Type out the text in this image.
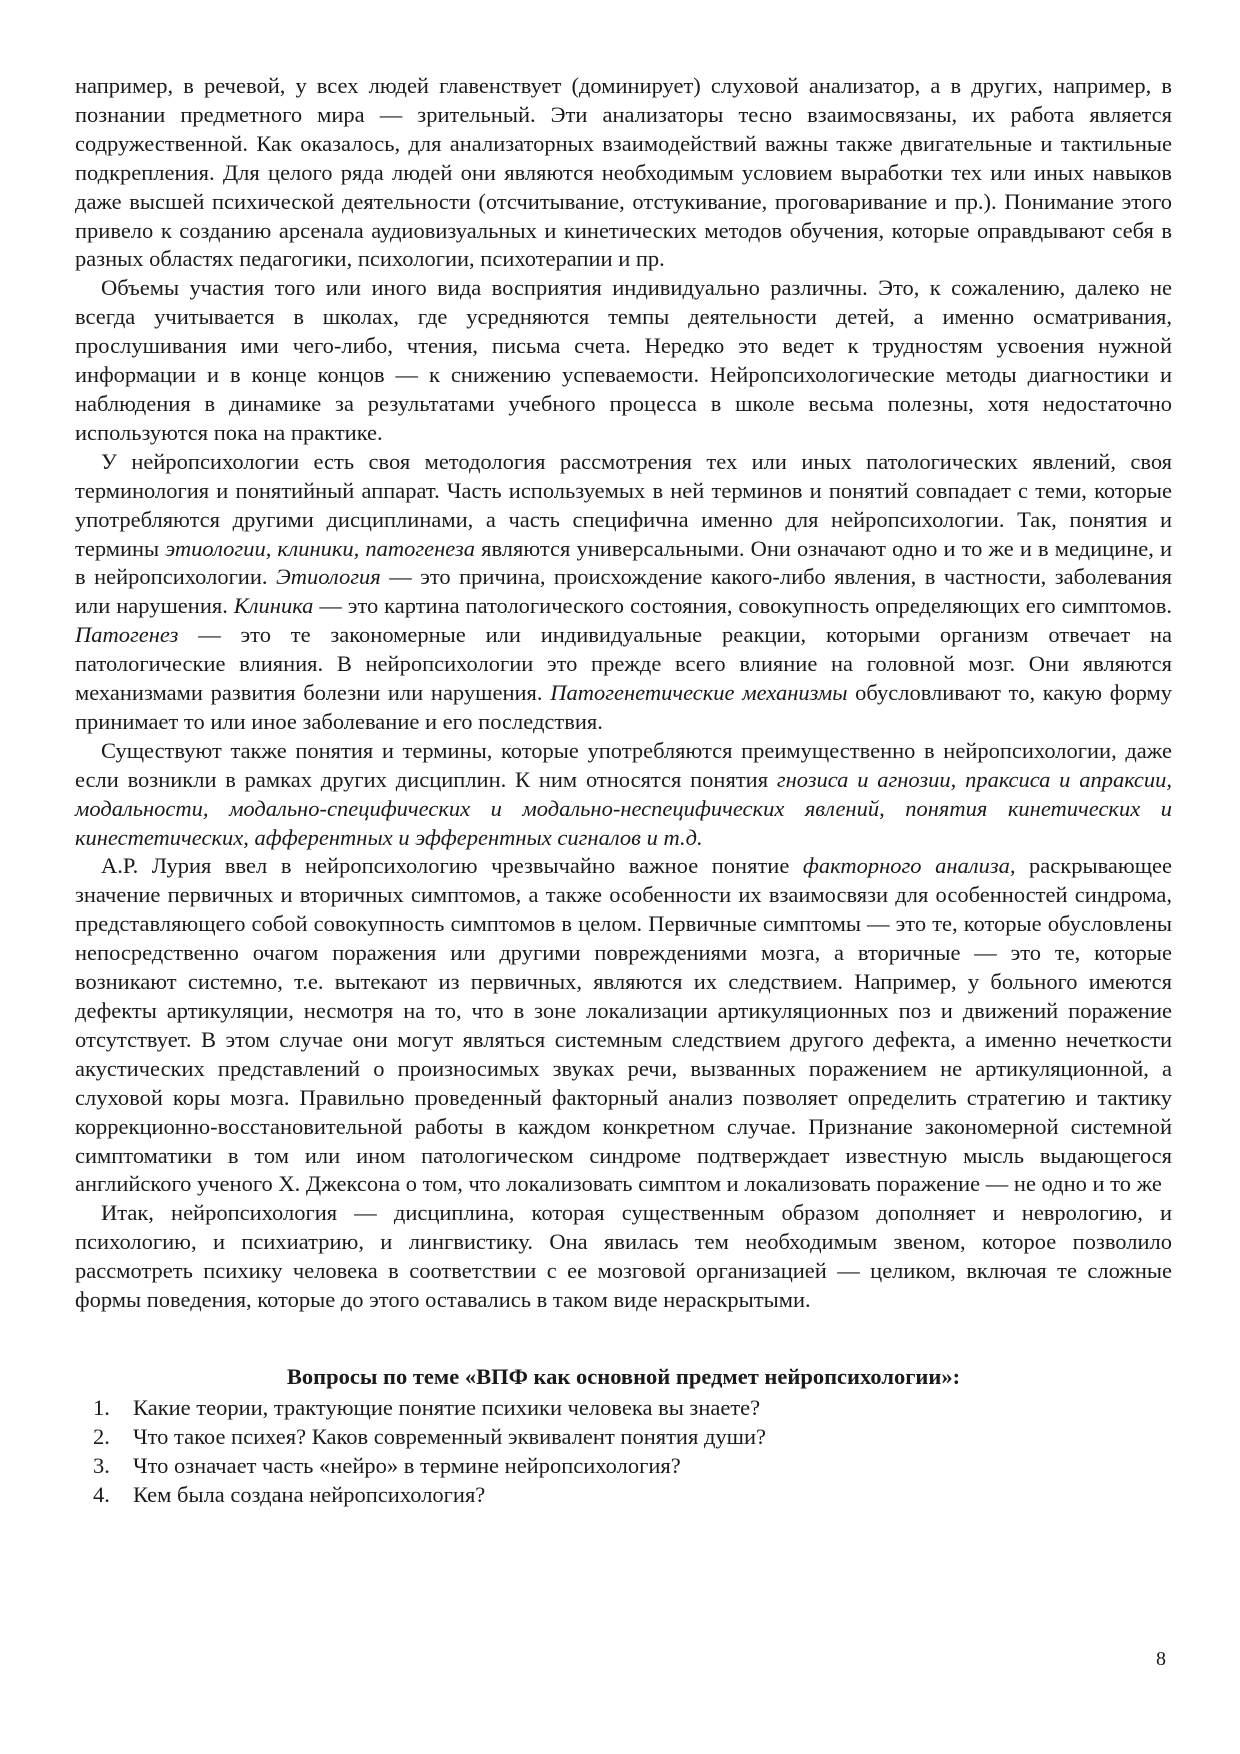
например, в речевой, у всех людей главенствует (доминирует) слуховой анализатор, а в других, например, в познании предметного мира — зрительный. Эти анализаторы тесно взаимосвязаны, их работа является содружественной. Как оказалось, для анализаторных взаимодействий важны также двигательные и тактильные подкрепления. Для целого ряда людей они являются необходимым условием выработки тех или иных навыков даже высшей психической деятельности (отсчитывание, отстукивание, проговаривание и пр.). Понимание этого привело к созданию арсенала аудиовизуальных и кинетических методов обучения, которые оправдывают себя в разных областях педагогики, психологии, психотерапии и пр.

Объемы участия того или иного вида восприятия индивидуально различны. Это, к сожалению, далеко не всегда учитывается в школах, где усредняются темпы деятельности детей, а именно осматривания, прослушивания ими чего-либо, чтения, письма счета. Нередко это ведет к трудностям усвоения нужной информации и в конце концов — к снижению успеваемости. Нейропсихологические методы диагностики и наблюдения в динамике за результатами учебного процесса в школе весьма полезны, хотя недостаточно используются пока на практике.

У нейропсихологии есть своя методология рассмотрения тех или иных патологических явлений, своя терминология и понятийный аппарат. Часть используемых в ней терминов и понятий совпадает с теми, которые употребляются другими дисциплинами, а часть специфична именно для нейропсихологии. Так, понятия и термины этиологии, клиники, патогенеза являются универсальными. Они означают одно и то же и в медицине, и в нейропсихологии. Этиология — это причина, происхождение какого-либо явления, в частности, заболевания или нарушения. Клиника — это картина патологического состояния, совокупность определяющих его симптомов. Патогенез — это те закономерные или индивидуальные реакции, которыми организм отвечает на патологические влияния. В нейропсихологии это прежде всего влияние на головной мозг. Они являются механизмами развития болезни или нарушения. Патогенетические механизмы обусловливают то, какую форму принимает то или иное заболевание и его последствия.

Существуют также понятия и термины, которые употребляются преимущественно в нейропсихологии, даже если возникли в рамках других дисциплин. К ним относятся понятия гнозиса и агнозии, праксиса и апраксии, модальности, модально-специфических и модально-неспецифических явлений, понятия кинетических и кинестетических, афферентных и эфферентных сигналов и т.д.

А.Р. Лурия ввел в нейропсихологию чрезвычайно важное понятие факторного анализа, раскрывающее значение первичных и вторичных симптомов, а также особенности их взаимосвязи для особенностей синдрома, представляющего собой совокупность симптомов в целом. Первичные симптомы — это те, которые обусловлены непосредственно очагом поражения или другими повреждениями мозга, а вторичные — это те, которые возникают системно, т.е. вытекают из первичных, являются их следствием. Например, у больного имеются дефекты артикуляции, несмотря на то, что в зоне локализации артикуляционных поз и движений поражение отсутствует. В этом случае они могут являться системным следствием другого дефекта, а именно нечеткости акустических представлений о произносимых звуках речи, вызванных поражением не артикуляционной, а слуховой коры мозга. Правильно проведенный факторный анализ позволяет определить стратегию и тактику коррекционно-восстановительной работы в каждом конкретном случае. Признание закономерной системной симптоматики в том или ином патологическом синдроме подтверждает известную мысль выдающегося английского ученого X. Джексона о том, что локализовать симптом и локализовать поражение — не одно и то же

Итак, нейропсихология — дисциплина, которая существенным образом дополняет и неврологию, и психологию, и психиатрию, и лингвистику. Она явилась тем необходимым звеном, которое позволило рассмотреть психику человека в соответствии с ее мозговой организацией — целиком, включая те сложные формы поведения, которые до этого оставались в таком виде нераскрытыми.

Вопросы по теме «ВПФ как основной предмет нейропсихологии»:
1.	Какие теории, трактующие понятие психики человека вы знаете?
2.	Что такое психея? Каков современный эквивалент понятия души?
3.	Что означает часть «нейро» в термине нейропсихология?
4.	Кем была создана нейропсихология?
8
